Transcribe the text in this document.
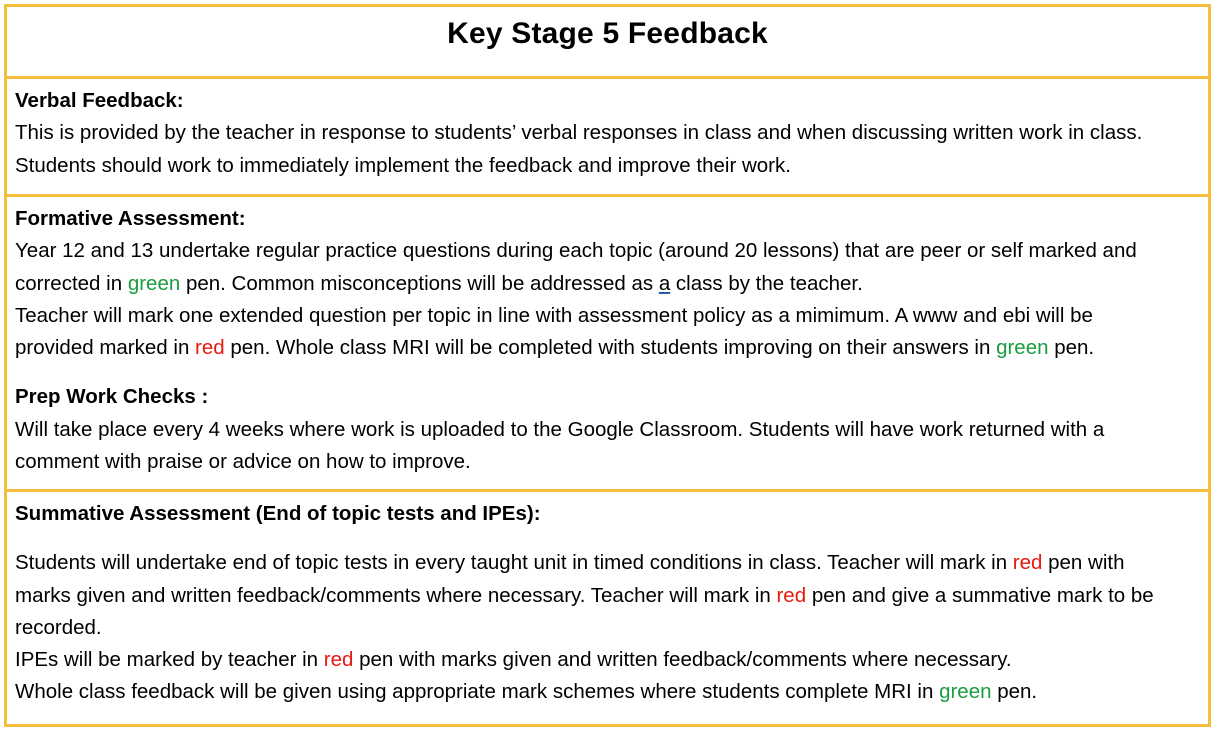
Key Stage 5 Feedback
Verbal Feedback:
This is provided by the teacher in response to students’ verbal responses in class and when discussing written work in class.
Students should work to immediately implement the feedback and improve their work.
Formative Assessment:
Year 12 and 13 undertake regular practice questions during each topic (around 20 lessons) that are peer or self marked and
corrected in green pen. Common misconceptions will be addressed as a class by the teacher.
Teacher will mark one extended question per topic in line with assessment policy as a mimimum. A www and ebi will be
provided marked in red pen. Whole class MRI will be completed with students improving on their answers in green pen.
Prep Work Checks :
Will take place every 4 weeks where work is uploaded to the Google Classroom. Students will have work returned with a
comment with praise or advice on how to improve.
Summative Assessment (End of topic tests and IPEs):
Students will undertake end of topic tests in every taught unit in timed conditions in class. Teacher will mark in red pen with
marks given and written feedback/comments where necessary. Teacher will mark in red pen and give a summative mark to be
recorded.
IPEs will be marked by teacher in red pen with marks given and written feedback/comments where necessary.
Whole class feedback will be given using appropriate mark schemes where students complete MRI in green pen.
